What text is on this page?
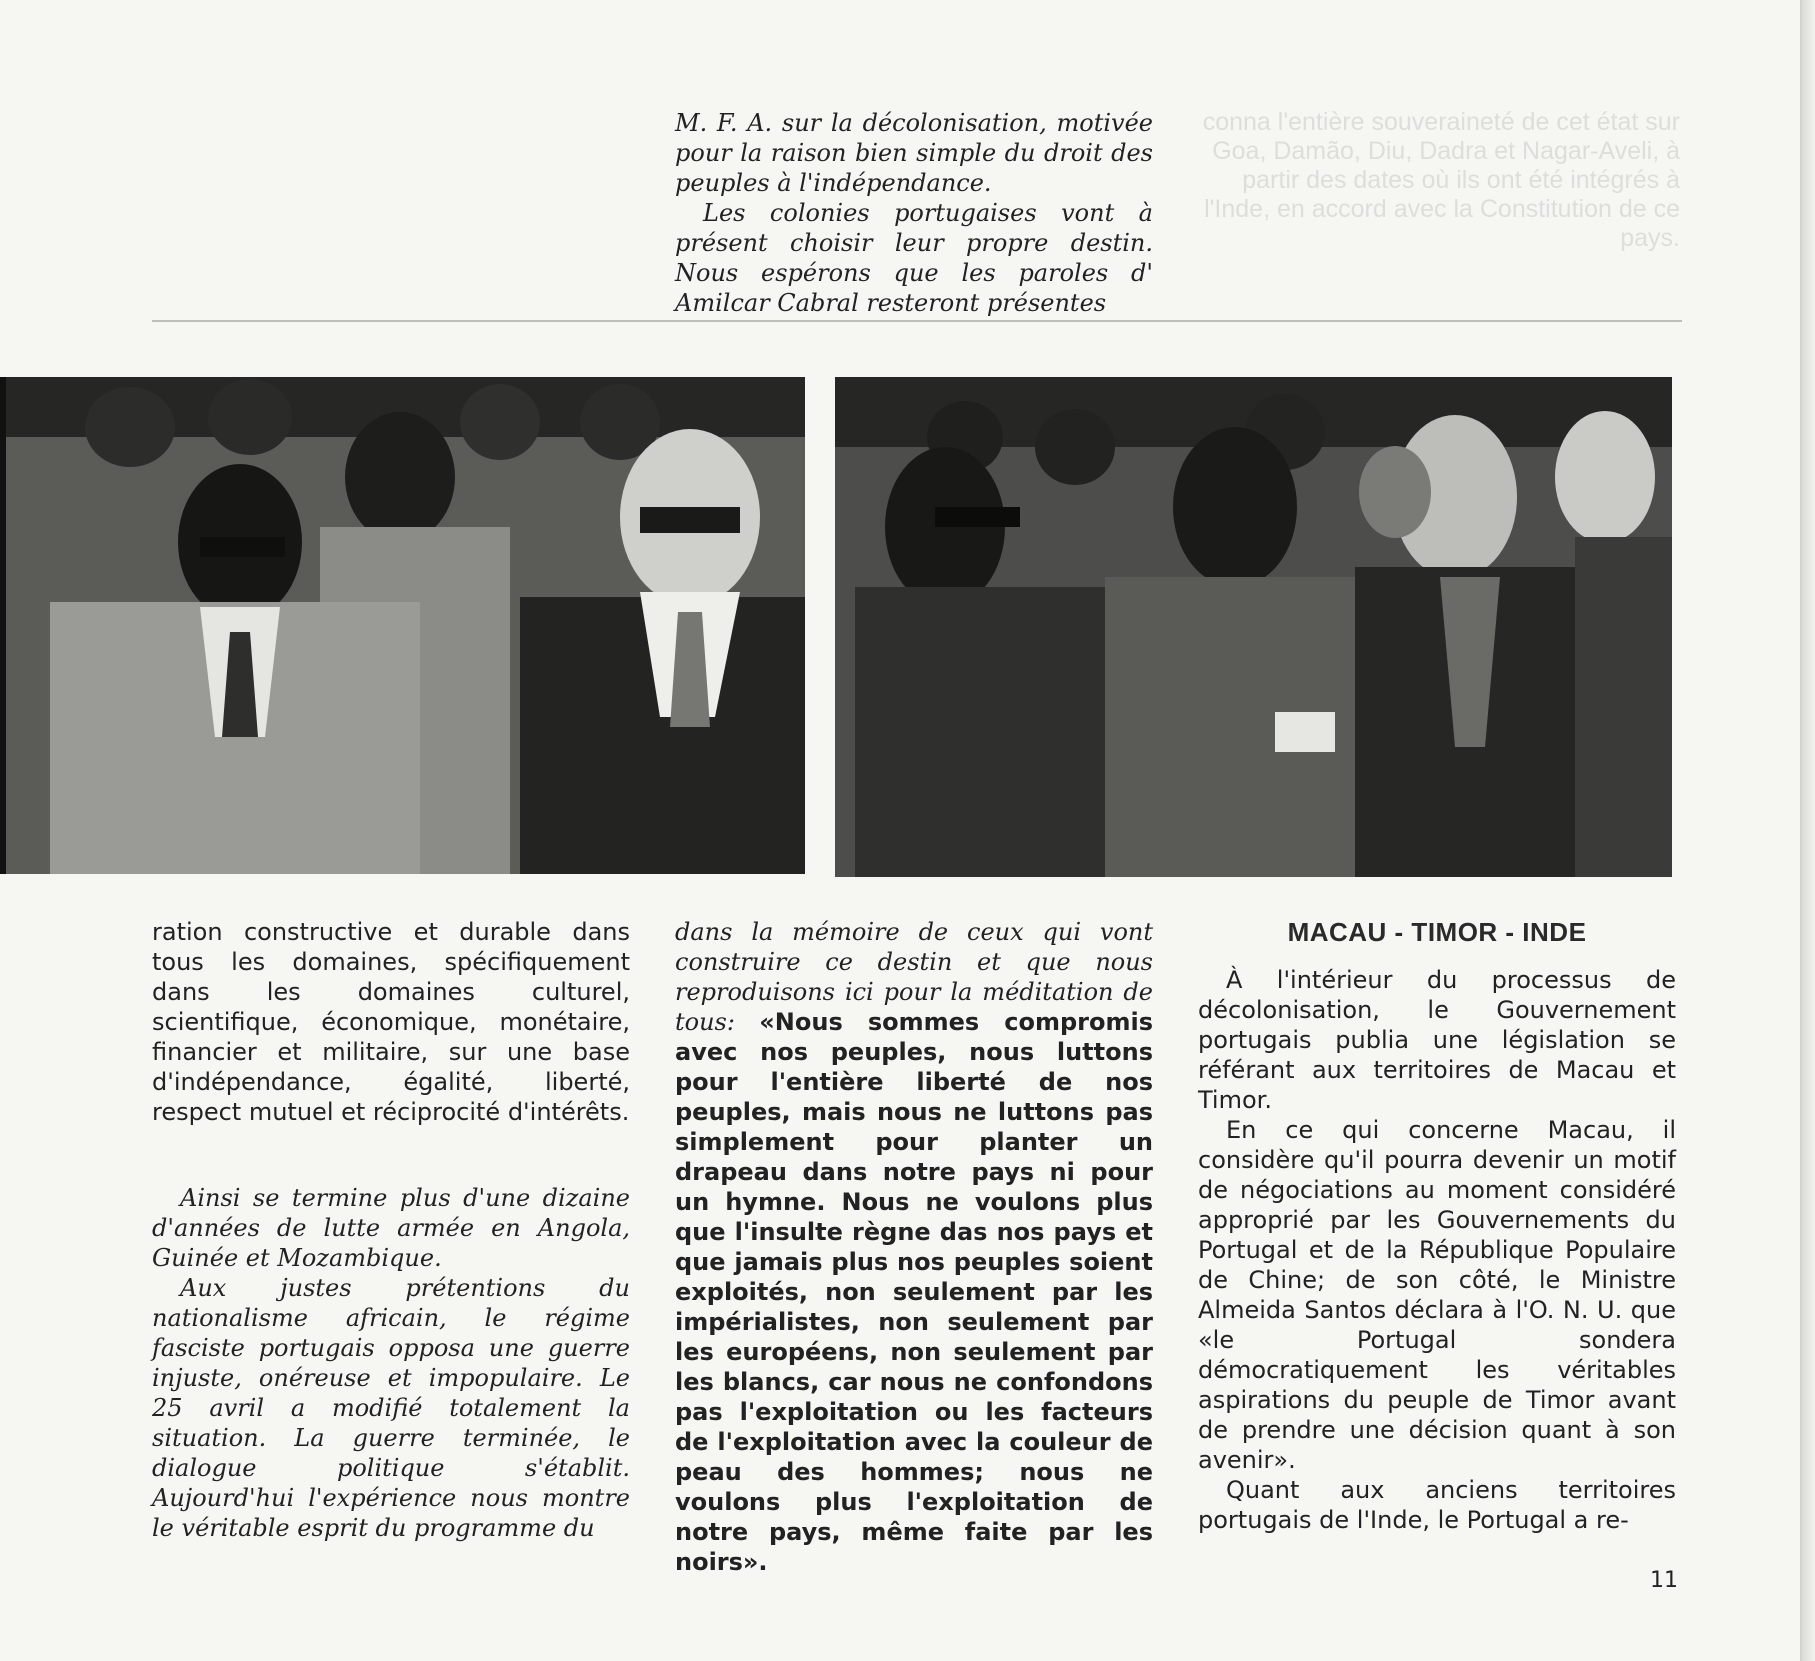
conna l'entière souveraineté de cet état sur Goa, Damão, Diu, Dadra et Nagar-Aveli, à partir des dates où ils ont été intégrés à l'Inde, en accord avec la Constitution de ce pays.

M. F. A. sur la décolonisation, motivée pour la raison bien simple du droit des peuples à l'indépendance.

Les colonies portugaises vont à présent choisir leur propre destin. Nous espérons que les paroles d' Amilcar Cabral resteront présentes

ration constructive et durable dans tous les domaines, spécifiquement dans les domaines culturel, scientifique, économique, monétaire, financier et militaire, sur une base d'indépendance, égalité, liberté, respect mutuel et réciprocité d'intérêts.

Ainsi se termine plus d'une dizaine d'années de lutte armée en Angola, Guinée et Mozambique.

Aux justes prétentions du nationalisme africain, le régime fasciste portugais opposa une guerre injuste, onéreuse et impopulaire. Le 25 avril a modifié totalement la situation. La guerre terminée, le dialogue politique s'établit. Aujourd'hui l'expérience nous montre le véritable esprit du programme du

dans la mémoire de ceux qui vont construire ce destin et que nous reproduisons ici pour la méditation de tous: «Nous sommes compromis avec nos peuples, nous luttons pour l'entière liberté de nos peuples, mais nous ne luttons pas simplement pour planter un drapeau dans notre pays ni pour un hymne. Nous ne voulons plus que l'insulte règne das nos pays et que jamais plus nos peuples soient exploités, non seulement par les impérialistes, non seulement par les européens, non seulement par les blancs, car nous ne confondons pas l'exploitation ou les facteurs de l'exploitation avec la couleur de peau des hommes; nous ne voulons plus l'exploitation de notre pays, même faite par les noirs».

MACAU - TIMOR - INDE

À l'intérieur du processus de décolonisation, le Gouvernement portugais publia une législation se référant aux territoires de Macau et Timor.

En ce qui concerne Macau, il considère qu'il pourra devenir un motif de négociations au moment considéré approprié par les Gouvernements du Portugal et de la République Populaire de Chine; de son côté, le Ministre Almeida Santos déclara à l'O. N. U. que «le Portugal sondera démocratiquement les véritables aspirations du peuple de Timor avant de prendre une décision quant à son avenir».

Quant aux anciens territoires portugais de l'Inde, le Portugal a re-

11
